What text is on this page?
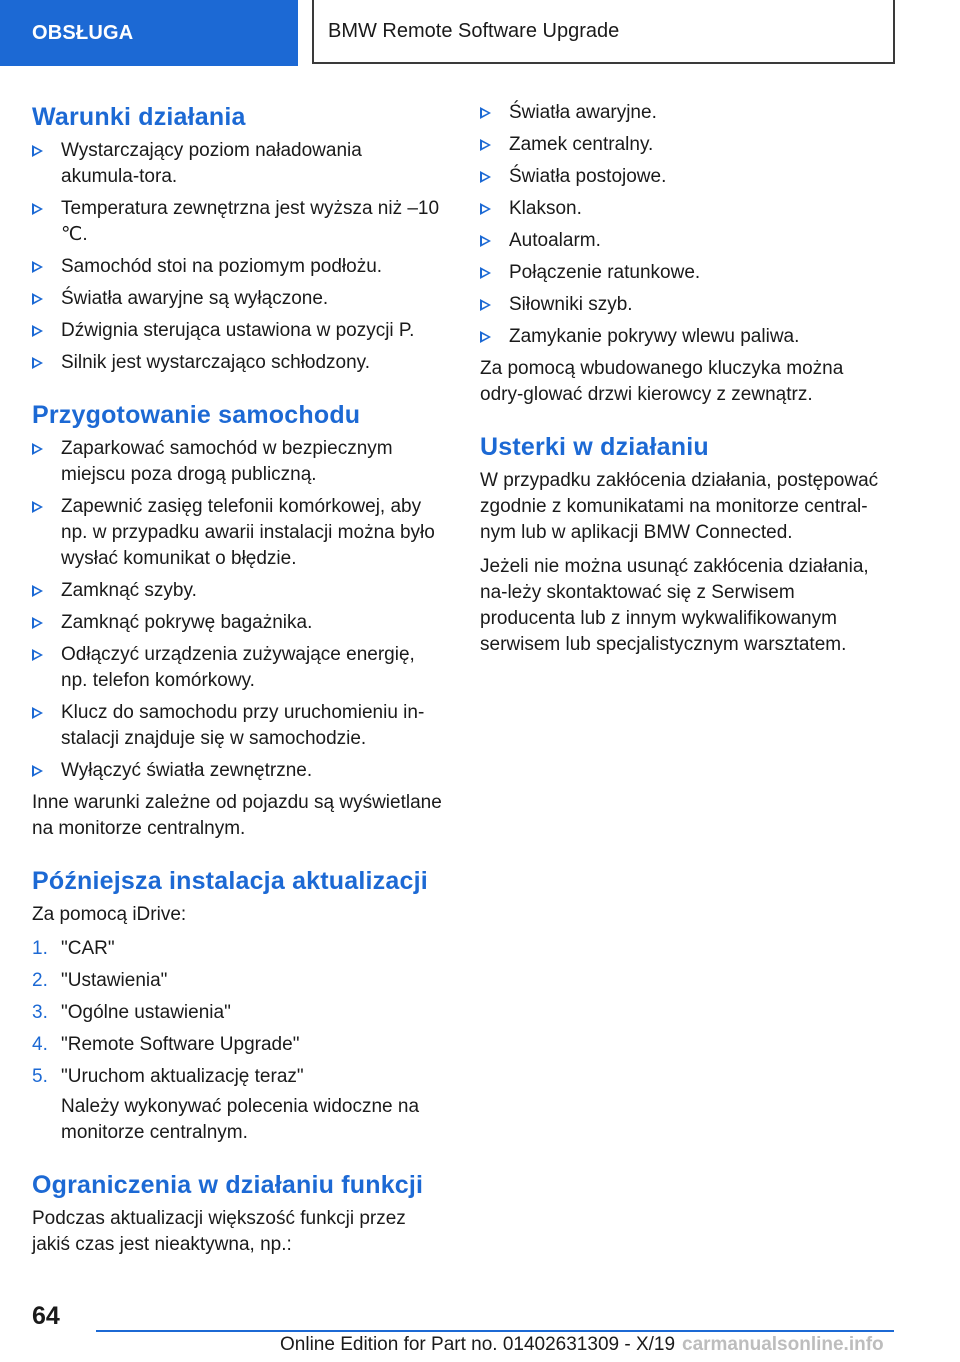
OBSŁUGA	BMW Remote Software Upgrade
Warunki działania
Wystarczający poziom naładowania akumula-tora.
Temperatura zewnętrzna jest wyższa niż –10 ℃.
Samochód stoi na poziomym podłożu.
Światła awaryjne są wyłączone.
Dźwignia sterująca ustawiona w pozycji P.
Silnik jest wystarczająco schłodzony.
Przygotowanie samochodu
Zaparkować samochód w bezpiecznym miejscu poza drogą publiczną.
Zapewnić zasięg telefonii komórkowej, aby np. w przypadku awarii instalacji można było wysłać komunikat o błędzie.
Zamknąć szyby.
Zamknąć pokrywę bagażnika.
Odłączyć urządzenia zużywające energię, np. telefon komórkowy.
Klucz do samochodu przy uruchomieniu in-stalacji znajduje się w samochodzie.
Wyłączyć światła zewnętrzne.

Inne warunki zależne od pojazdu są wyświetlane na monitorze centralnym.

Późniejsza instalacja aktualizacji

Za pomocą iDrive:

1. "CAR"
2. "Ustawienia"
3. "Ogólne ustawienia"
4. "Remote Software Upgrade"
5. "Uruchom aktualizację teraz"

Należy wykonywać polecenia widoczne na monitorze centralnym.

Ograniczenia w działaniu funkcji

Podczas aktualizacji większość funkcji przez jakiś czas jest nieaktywna, np.:

Światła awaryjne.
Zamek centralny.
Światła postojowe.
Klakson.
Autoalarm.
Połączenie ratunkowe.
Siłowniki szyb.
Zamykanie pokrywy wlewu paliwa.

Za pomocą wbudowanego kluczyka można odry-glować drzwi kierowcy z zewnątrz.

Usterki w działaniu

W przypadku zakłócenia działania, postępować zgodnie z komunikatami na monitorze central-nym lub w aplikacji BMW Connected.

Jeżeli nie można usunąć zakłócenia działania, na-leży skontaktować się z Serwisem producenta lub z innym wykwalifikowanym serwisem lub specjalistycznym warsztatem.

64
Online Edition for Part no. 01402631309 - X/19 carmanualsonline.info
